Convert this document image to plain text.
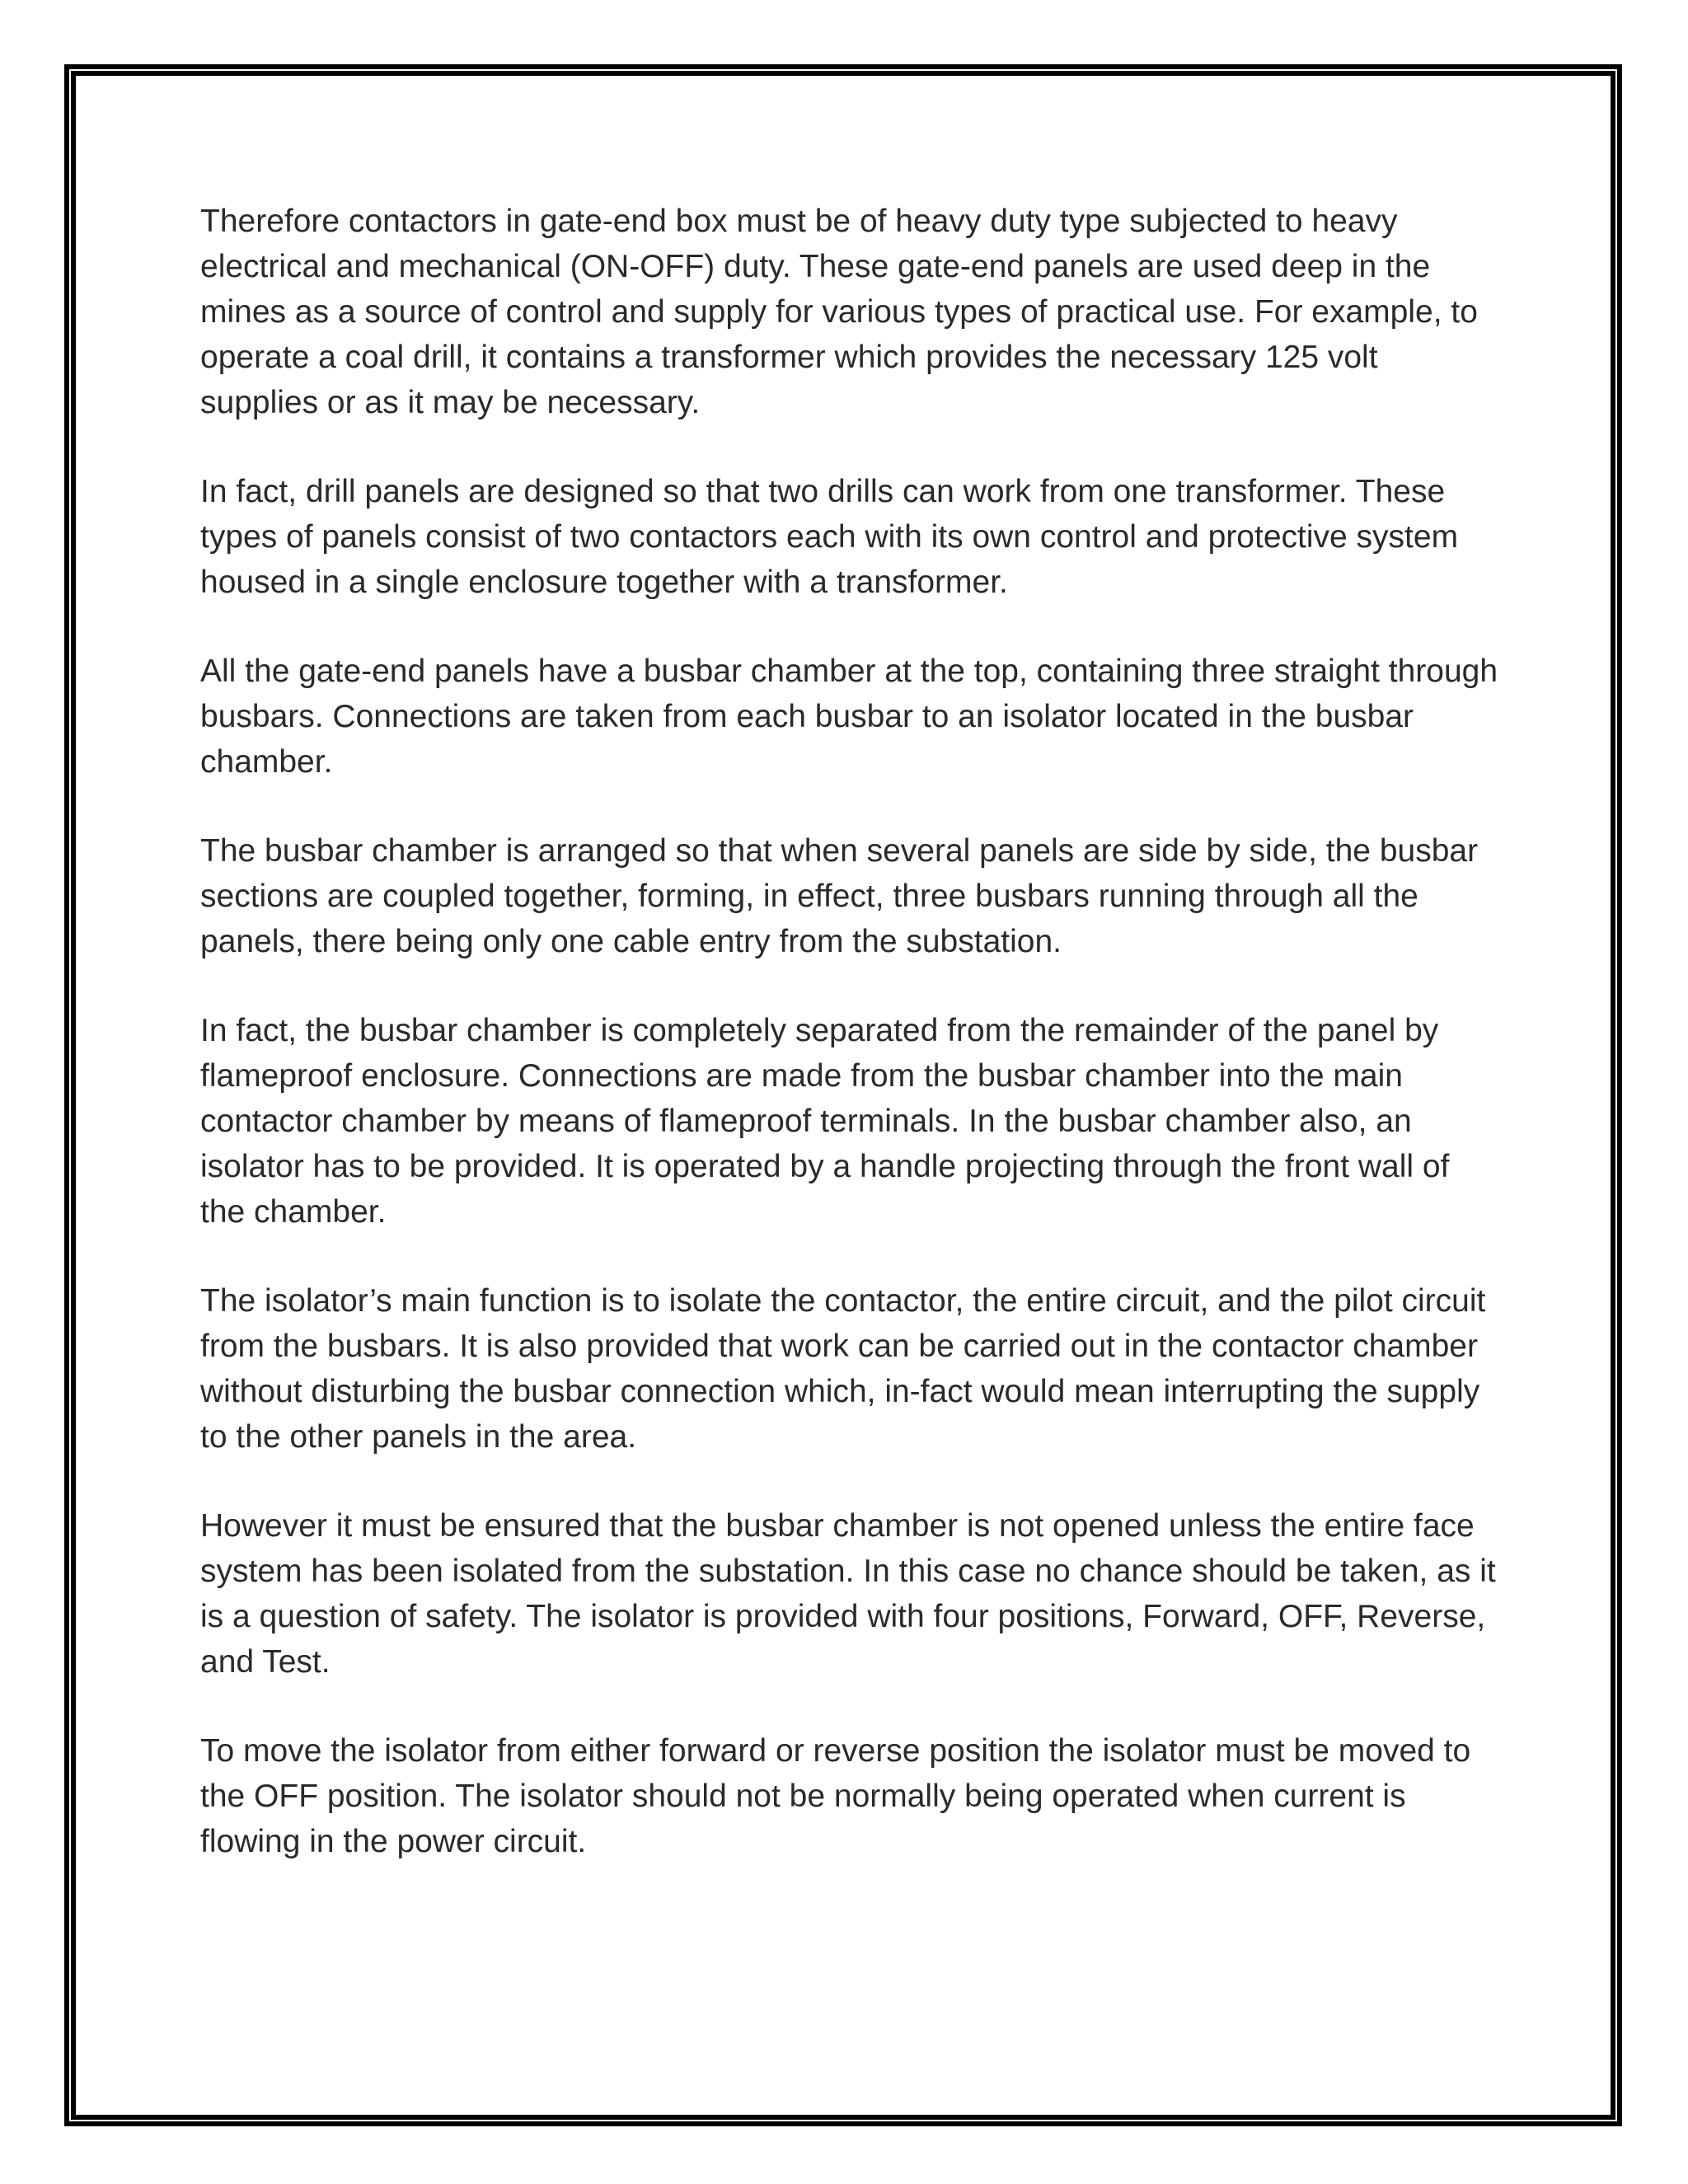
Therefore contactors in gate-end box must be of heavy duty type subjected to heavy electrical and mechanical (ON-OFF) duty. These gate-end panels are used deep in the mines as a source of control and supply for various types of practical use. For example, to operate a coal drill, it contains a transformer which provides the necessary 125 volt supplies or as it may be necessary.

In fact, drill panels are designed so that two drills can work from one transformer. These types of panels consist of two contactors each with its own control and protective system housed in a single enclosure together with a transformer.

All the gate-end panels have a busbar chamber at the top, containing three straight through busbars. Connections are taken from each busbar to an isolator located in the busbar chamber.

The busbar chamber is arranged so that when several panels are side by side, the busbar sections are coupled together, forming, in effect, three busbars running through all the panels, there being only one cable entry from the substation.

In fact, the busbar chamber is completely separated from the remainder of the panel by flameproof enclosure. Connections are made from the busbar chamber into the main contactor chamber by means of flameproof terminals. In the busbar chamber also, an isolator has to be provided. It is operated by a handle projecting through the front wall of the chamber.

The isolator’s main function is to isolate the contactor, the entire circuit, and the pilot circuit from the busbars. It is also provided that work can be carried out in the contactor chamber without disturbing the busbar connection which, in-fact would mean interrupting the supply to the other panels in the area.

However it must be ensured that the busbar chamber is not opened unless the entire face system has been isolated from the substation. In this case no chance should be taken, as it is a question of safety. The isolator is provided with four positions, Forward, OFF, Reverse, and Test.

To move the isolator from either forward or reverse position the isolator must be moved to the OFF position. The isolator should not be normally being operated when current is flowing in the power circuit.
